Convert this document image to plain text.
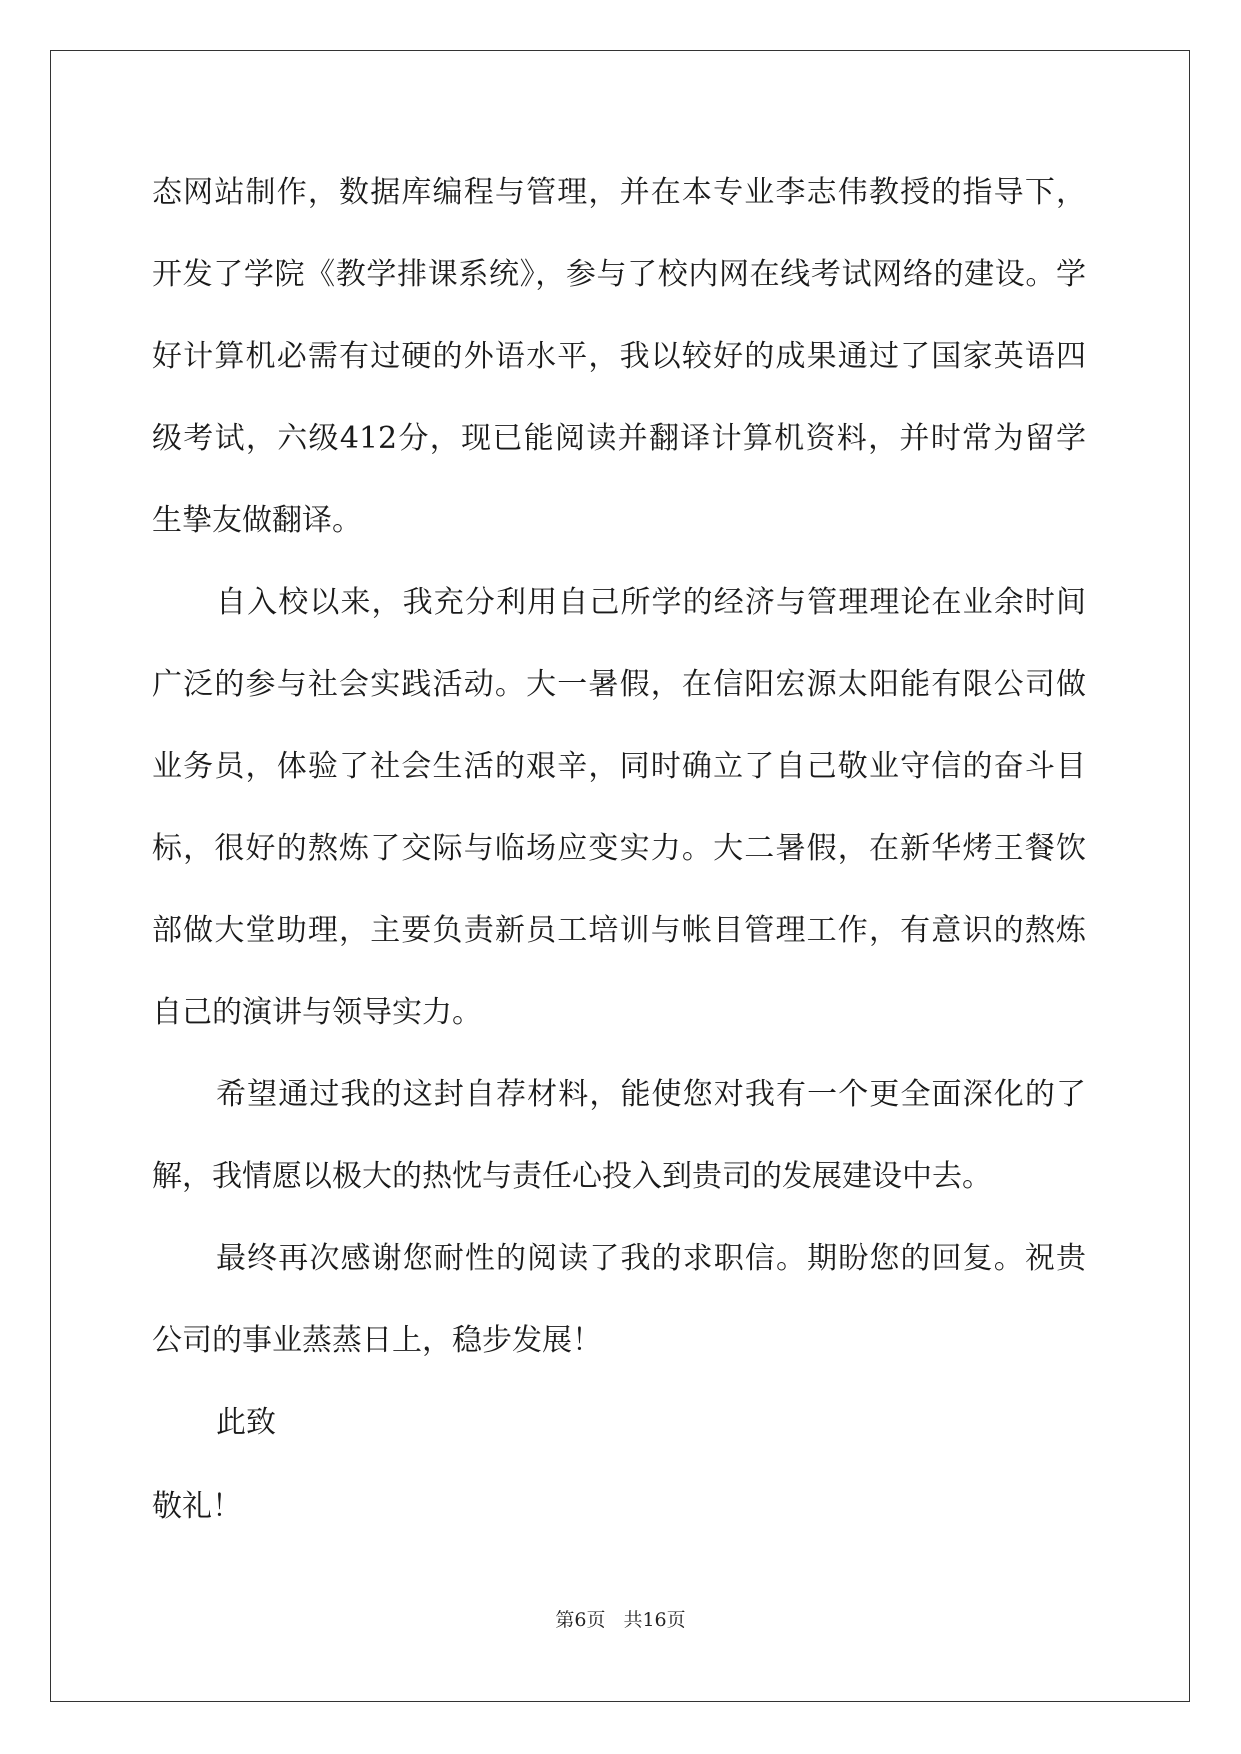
态网站制作，数据库编程与管理，并在本专业李志伟教授的指导下，
开发了学院《教学排课系统》，参与了校内网在线考试网络的建设。学
好计算机必需有过硬的外语水平，我以较好的成果通过了国家英语四
级考试，六级412分，现已能阅读并翻译计算机资料，并时常为留学
生挚友做翻译。
自入校以来，我充分利用自己所学的经济与管理理论在业余时间
广泛的参与社会实践活动。大一暑假，在信阳宏源太阳能有限公司做
业务员，体验了社会生活的艰辛，同时确立了自己敬业守信的奋斗目
标，很好的熬炼了交际与临场应变实力。大二暑假，在新华烤王餐饮
部做大堂助理，主要负责新员工培训与帐目管理工作，有意识的熬炼
自己的演讲与领导实力。
希望通过我的这封自荐材料，能使您对我有一个更全面深化的了
解，我情愿以极大的热忱与责任心投入到贵司的发展建设中去。
最终再次感谢您耐性的阅读了我的求职信。期盼您的回复。祝贵
公司的事业蒸蒸日上，稳步发展！
此致
敬礼！
第6页 共16页
